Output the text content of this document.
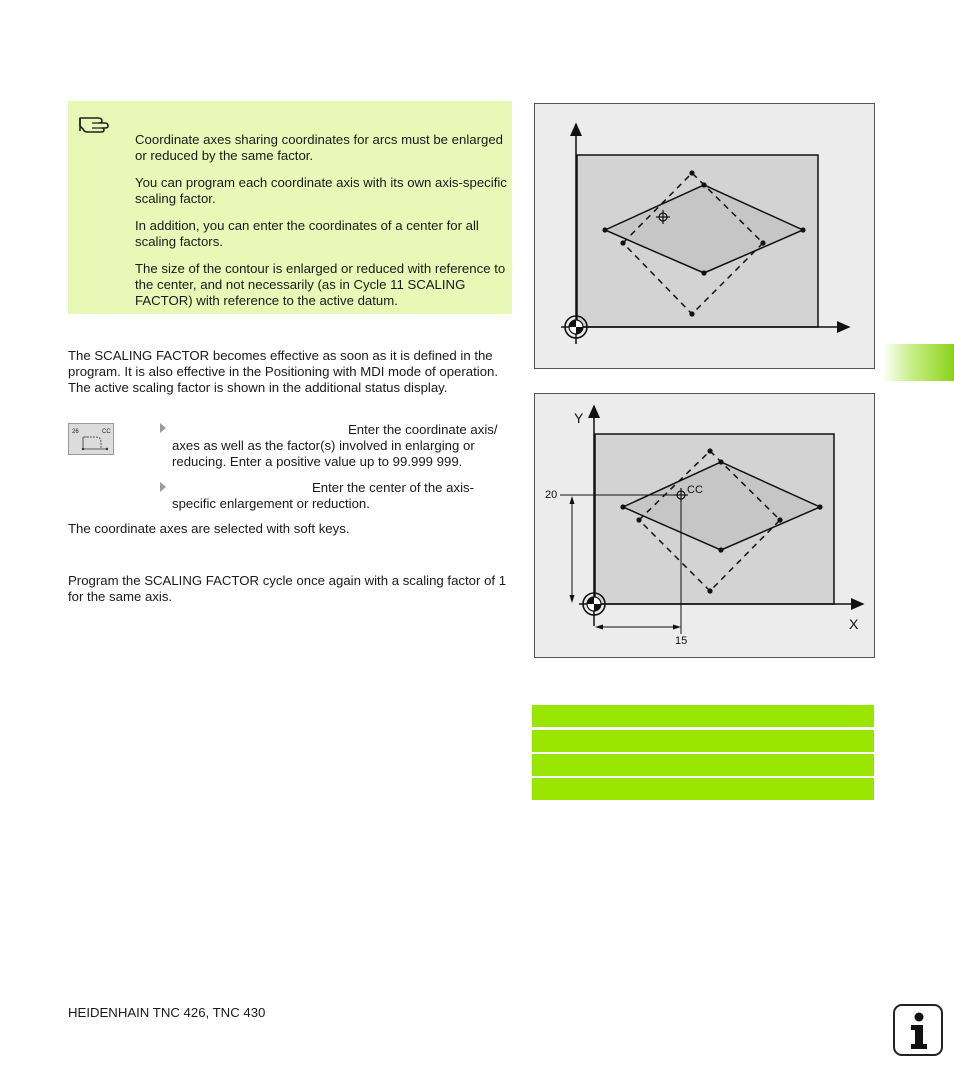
Coordinate axes sharing coordinates for arcs must be enlarged or reduced by the same factor.

You can program each coordinate axis with its own axis-specific scaling factor.

In addition, you can enter the coordinates of a center for all scaling factors.

The size of the contour is enlarged or reduced with reference to the center, and not necessarily (as in Cycle 11 SCALING FACTOR) with reference to the active datum.

The SCALING FACTOR becomes effective as soon as it is defined in the program. It is also effective in the Positioning with MDI mode of operation. The active scaling factor is shown in the additional status display.

26	CC	Enter the coordinate axis/ axes as well as the factor(s) involved in enlarging or reducing. Enter a positive value up to 99.999 999.
Enter the center of the axis-specific enlargement or reduction.

The coordinate axes are selected with soft keys.

Program the SCALING FACTOR cycle once again with a scaling factor of 1 for the same axis.

Y
X
20
15
CC
HEIDENHAIN TNC 426, TNC 430
